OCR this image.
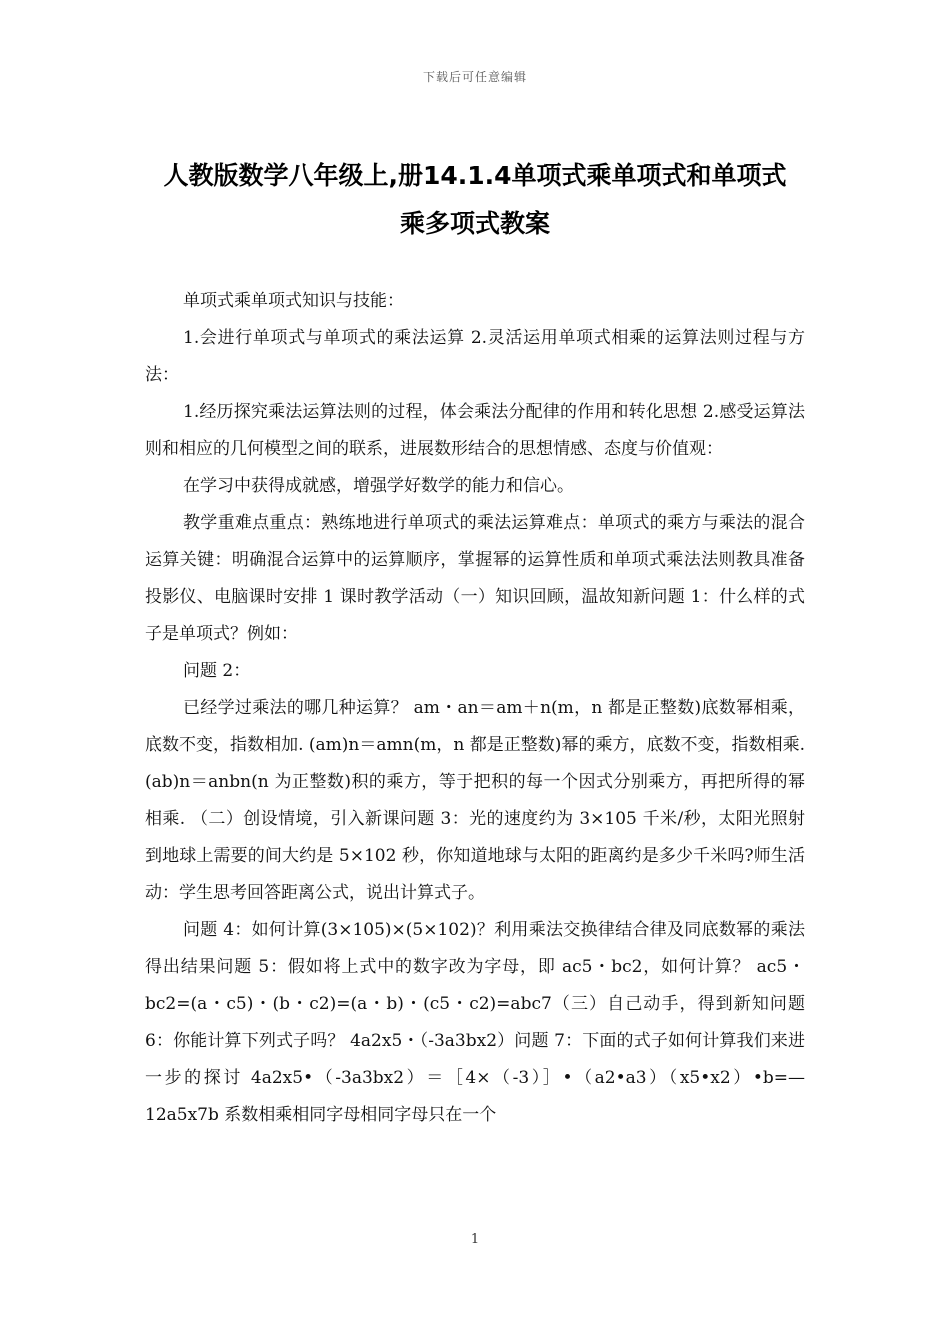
下载后可任意编辑
人教版数学八年级上,册14.1.4单项式乘单项式和单项式
乘多项式教案

单项式乘单项式知识与技能：

1.会进行单项式与单项式的乘法运算 2.灵活运用单项式相乘的运算法则过程与方法：

1.经历探究乘法运算法则的过程，体会乘法分配律的作用和转化思想 2.感受运算法则和相应的几何模型之间的联系，进展数形结合的思想情感、态度与价值观：

在学习中获得成就感，增强学好数学的能力和信心。

教学重难点重点：熟练地进行单项式的乘法运算难点：单项式的乘方与乘法的混合运算关键：明确混合运算中的运算顺序，掌握幂的运算性质和单项式乘法法则教具准备投影仪、电脑课时安排 1 课时教学活动（一）知识回顾，温故知新问题 1：什么样的式子是单项式？例如：

问题 2：

已经学过乘法的哪几种运算？ am・an＝am＋n(m，n 都是正整数)底数幂相乘，底数不变，指数相加. (am)n＝amn(m，n 都是正整数)幂的乘方，底数不变，指数相乘. (ab)n＝anbn(n 为正整数)积的乘方，等于把积的每一个因式分别乘方，再把所得的幂相乘. （二）创设情境，引入新课问题 3：光的速度约为 3×105 千米/秒，太阳光照射到地球上需要的间大约是 5×102 秒，你知道地球与太阳的距离约是多少千米吗?师生活动：学生思考回答距离公式，说出计算式子。

问题 4：如何计算(3×105)×(5×102)？利用乘法交换律结合律及同底数幂的乘法得出结果问题 5：假如将上式中的数字改为字母，即 ac5・bc2，如何计算？ ac5・bc2=(a・c5)・(b・c2)=(a・b)・(c5・c2)=abc7（三）自己动手，得到新知问题 6：你能计算下列式子吗？ 4a2x5・（-3a3bx2）问题 7：下面的式子如何计算我们来进一步的探讨 4a2x5•（-3a3bx2）＝［4×（-3）］•（a2•a3）（x5•x2）•b=—12a5x7b 系数相乘相同字母相同字母只在一个

1
